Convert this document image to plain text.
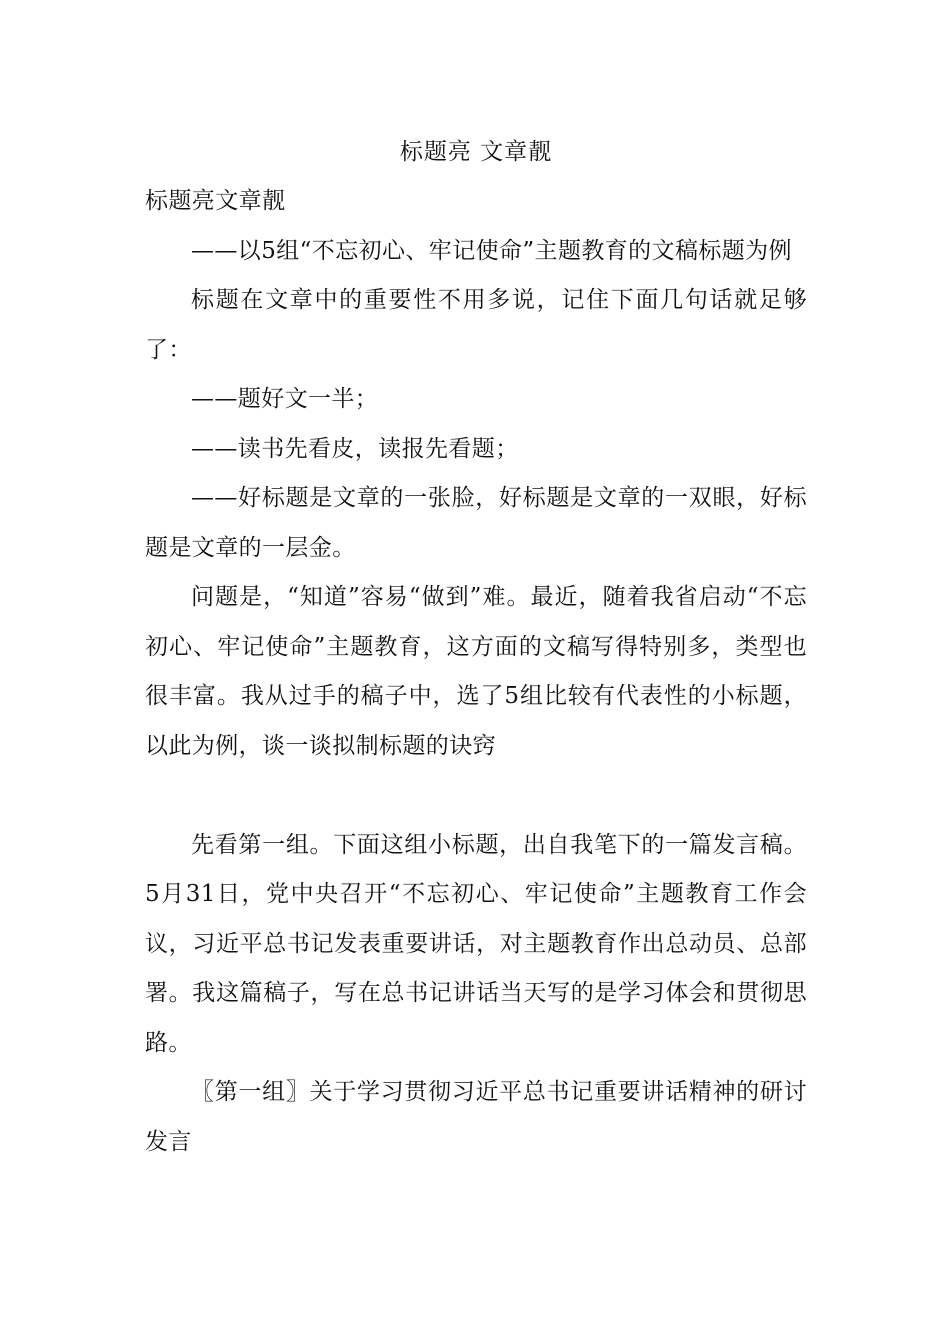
标题亮 文章靓

标题亮文章靓

——以5组“不忘初心、牢记使命”主题教育的文稿标题为例

标题在文章中的重要性不用多说，记住下面几句话就足够了：

——题好文一半；

——读书先看皮，读报先看题；

——好标题是文章的一张脸，好标题是文章的一双眼，好标题是文章的一层金。

问题是，“知道”容易“做到”难。最近，随着我省启动“不忘初心、牢记使命”主题教育，这方面的文稿写得特别多，类型也很丰富。我从过手的稿子中，选了5组比较有代表性的小标题，以此为例，谈一谈拟制标题的诀窍

先看第一组。下面这组小标题，出自我笔下的一篇发言稿。5月31日，党中央召开“不忘初心、牢记使命”主题教育工作会议，习近平总书记发表重要讲话，对主题教育作出总动员、总部署。我这篇稿子，写在总书记讲话当天写的是学习体会和贯彻思路。

〖第一组〗关于学习贯彻习近平总书记重要讲话精神的研讨发言
